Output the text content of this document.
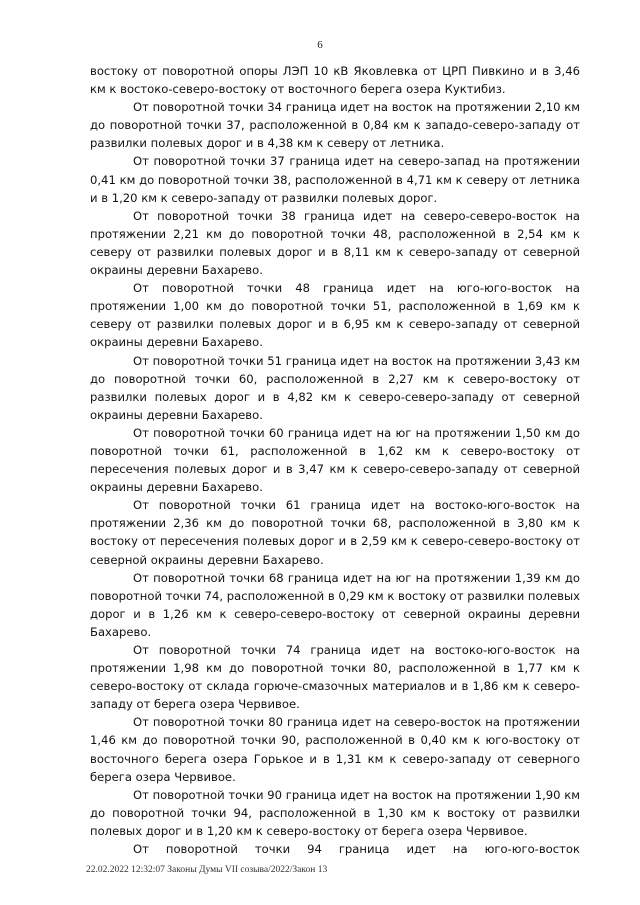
6

востоку от поворотной опоры ЛЭП 10 кВ Яковлевка от ЦРП Пивкино и в 3,46 км к востоко-северо-востоку от восточного берега озера Куктибиз.

От поворотной точки 34 граница идет на восток на протяжении 2,10 км до поворотной точки 37, расположенной в 0,84 км к западо-северо-западу от развилки полевых дорог и в 4,38 км к северу от летника.

От поворотной точки 37 граница идет на северо-запад на протяжении 0,41 км до поворотной точки 38, расположенной в 4,71 км к северу от летника и в 1,20 км к северо-западу от развилки полевых дорог.

От поворотной точки 38 граница идет на северо-северо-восток на протяжении 2,21 км до поворотной точки 48, расположенной в 2,54 км к северу от развилки полевых дорог и в 8,11 км к северо-западу от северной окраины деревни Бахарево.

От поворотной точки 48 граница идет на юго-юго-восток на протяжении 1,00 км до поворотной точки 51, расположенной в 1,69 км к северу от развилки полевых дорог и в 6,95 км к северо-западу от северной окраины деревни Бахарево.

От поворотной точки 51 граница идет на восток на протяжении 3,43 км до поворотной точки 60, расположенной в 2,27 км к северо-востоку от развилки полевых дорог и в 4,82 км к северо-северо-западу от северной окраины деревни Бахарево.

От поворотной точки 60 граница идет на юг на протяжении 1,50 км до поворотной точки 61, расположенной в 1,62 км к северо-востоку от пересечения полевых дорог и в 3,47 км к северо-северо-западу от северной окраины деревни Бахарево.

От поворотной точки 61 граница идет на востоко-юго-восток на протяжении 2,36 км до поворотной точки 68, расположенной в 3,80 км к востоку от пересечения полевых дорог и в 2,59 км к северо-северо-востоку от северной окраины деревни Бахарево.

От поворотной точки 68 граница идет на юг на протяжении 1,39 км до поворотной точки 74, расположенной в 0,29 км к востоку от развилки полевых дорог и в 1,26 км к северо-северо-востоку от северной окраины деревни Бахарево.

От поворотной точки 74 граница идет на востоко-юго-восток на протяжении 1,98 км до поворотной точки 80, расположенной в 1,77 км к северо-востоку от склада горюче-смазочных материалов и в 1,86 км к северо-западу от берега озера Червивое.

От поворотной точки 80 граница идет на северо-восток на протяжении 1,46 км до поворотной точки 90, расположенной в 0,40 км к юго-востоку от восточного берега озера Горькое и в 1,31 км к северо-западу от северного берега озера Червивое.

От поворотной точки 90 граница идет на восток на протяжении 1,90 км до поворотной точки 94, расположенной в 1,30 км к востоку от развилки полевых дорог и в 1,20 км к северо-востоку от берега озера Червивое.

От поворотной точки 94 граница идет на юго-юго-восток

22.02.2022 12:32:07 Законы Думы VII созыва/2022/Закон 13
